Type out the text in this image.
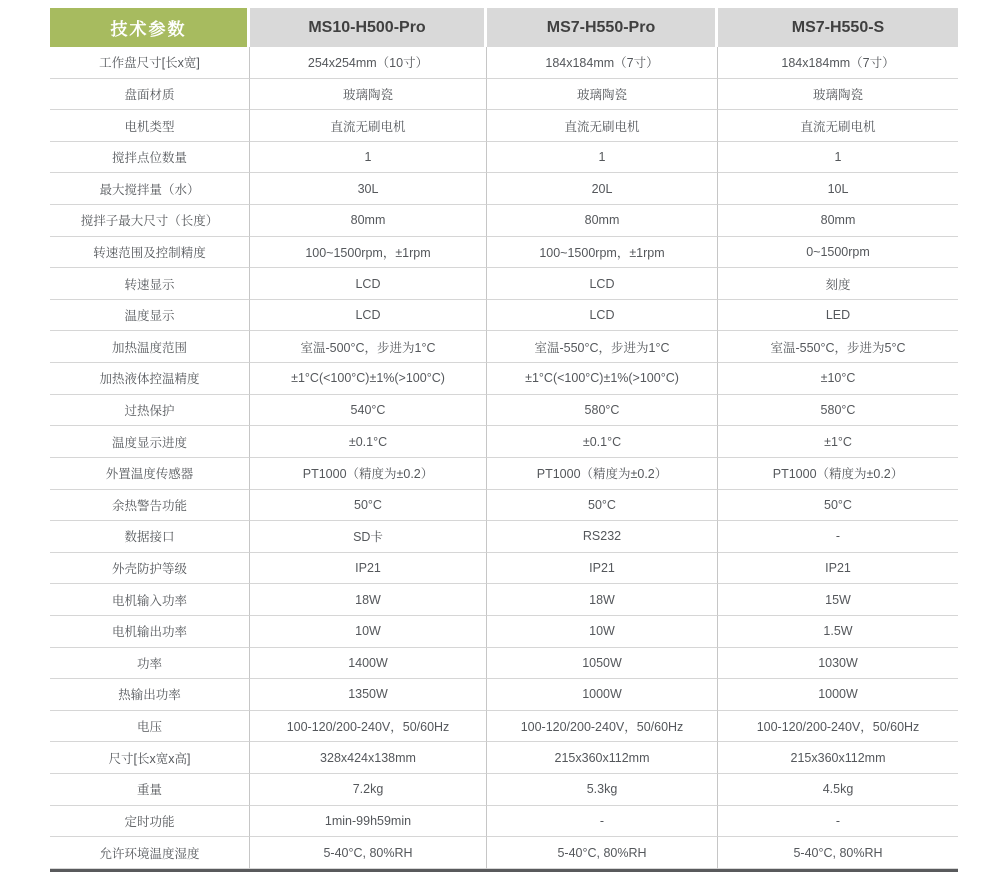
技术参数	MS10-H500-Pro	MS7-H550-Pro	MS7-H550-S
工作盘尺寸[长x宽]	254x254mm（10寸）	184x184mm（7寸）	184x184mm（7寸）
盘面材质	玻璃陶瓷	玻璃陶瓷	玻璃陶瓷
电机类型	直流无刷电机	直流无刷电机	直流无刷电机
搅拌点位数量	1	1	1
最大搅拌量（水）	30L	20L	10L
搅拌子最大尺寸（长度）	80mm	80mm	80mm
转速范围及控制精度	100~1500rpm，±1rpm	100~1500rpm，±1rpm	0~1500rpm
转速显示	LCD	LCD	刻度
温度显示	LCD	LCD	LED
加热温度范围	室温-500°C，步进为1°C	室温-550°C，步进为1°C	室温-550°C，步进为5°C
加热液体控温精度	±1°C(<100°C)±1%(>100°C)	±1°C(<100°C)±1%(>100°C)	±10°C
过热保护	540°C	580°C	580°C
温度显示进度	±0.1°C	±0.1°C	±1°C
外置温度传感器	PT1000（精度为±0.2）	PT1000（精度为±0.2）	PT1000（精度为±0.2）
余热警告功能	50°C	50°C	50°C
数据接口	SD卡	RS232	-
外壳防护等级	IP21	IP21	IP21
电机输入功率	18W	18W	15W
电机输出功率	10W	10W	1.5W
功率	1400W	1050W	1030W
热输出功率	1350W	1000W	1000W
电压	100-120/200-240V，50/60Hz	100-120/200-240V，50/60Hz	100-120/200-240V，50/60Hz
尺寸[长x宽x高]	328x424x138mm	215x360x112mm	215x360x112mm
重量	7.2kg	5.3kg	4.5kg
定时功能	1min-99h59min	-	-
允许环境温度湿度	5-40°C, 80%RH	5-40°C, 80%RH	5-40°C, 80%RH
